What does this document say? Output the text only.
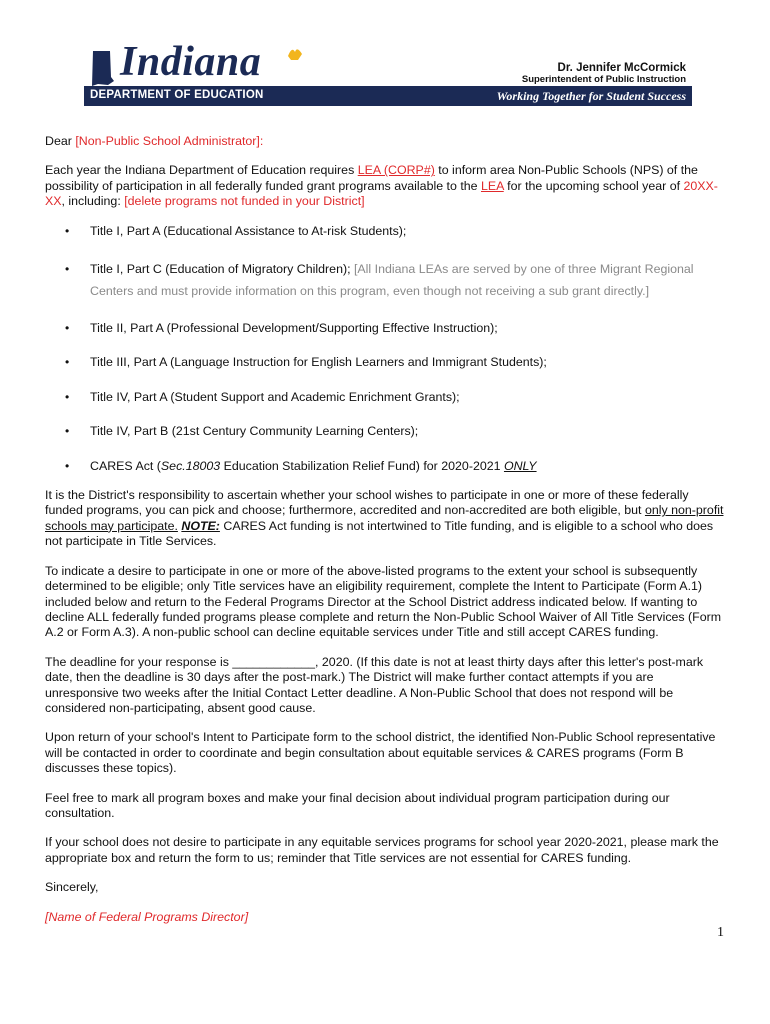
Indiana	Dr. Jennifer McCormick
Superintendent of Public Instruction
DEPARTMENT OF EDUCATION	Working Together for Student Success

Dear [Non-Public School Administrator]:

Each year the Indiana Department of Education requires LEA (CORP#) to inform area Non-Public Schools (NPS) of the possibility of participation in all federally funded grant programs available to the LEA for the upcoming school year of 20XX-XX, including: [delete programs not funded in your District]

• Title I, Part A (Educational Assistance to At-risk Students);
• Title I, Part C (Education of Migratory Children); [All Indiana LEAs are served by one of three Migrant Regional Centers and must provide information on this program, even though not receiving a sub grant directly.]
• Title II, Part A (Professional Development/Supporting Effective Instruction);
• Title III, Part A (Language Instruction for English Learners and Immigrant Students);
• Title IV, Part A (Student Support and Academic Enrichment Grants);
• Title IV, Part B (21st Century Community Learning Centers);
• CARES Act (Sec.18003 Education Stabilization Relief Fund) for 2020-2021 ONLY

It is the District's responsibility to ascertain whether your school wishes to participate in one or more of these federally funded programs, you can pick and choose; furthermore, accredited and non-accredited are both eligible, but only non-profit schools may participate. NOTE: CARES Act funding is not intertwined to Title funding, and is eligible to a school who does not participate in Title Services.

To indicate a desire to participate in one or more of the above-listed programs to the extent your school is subsequently determined to be eligible; only Title services have an eligibility requirement, complete the Intent to Participate (Form A.1) included below and return to the Federal Programs Director at the School District address indicated below. If wanting to decline ALL federally funded programs please complete and return the Non-Public School Waiver of All Title Services (Form A.2 or Form A.3). A non-public school can decline equitable services under Title and still accept CARES funding.

The deadline for your response is ____________, 2020. (If this date is not at least thirty days after this letter's post-mark date, then the deadline is 30 days after the post-mark.) The District will make further contact attempts if you are unresponsive two weeks after the Initial Contact Letter deadline. A Non-Public School that does not respond will be considered non-participating, absent good cause.

Upon return of your school's Intent to Participate form to the school district, the identified Non-Public School representative will be contacted in order to coordinate and begin consultation about equitable services & CARES programs (Form B discusses these topics).

Feel free to mark all program boxes and make your final decision about individual program participation during our consultation.

If your school does not desire to participate in any equitable services programs for school year 2020-2021, please mark the appropriate box and return the form to us; reminder that Title services are not essential for CARES funding.

Sincerely,

[Name of Federal Programs Director]

1
